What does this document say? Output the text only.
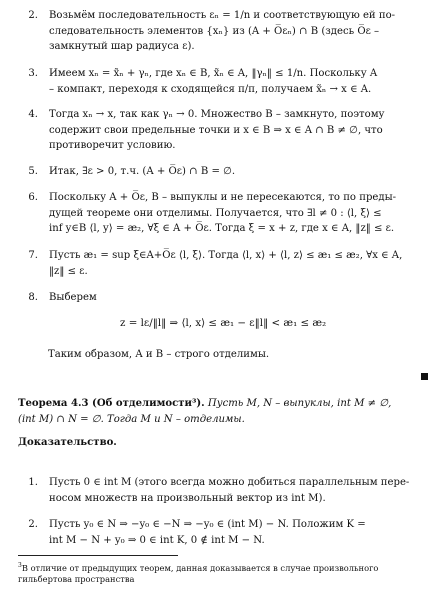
2. Возьмём последовательность εₙ = 1/n и соответствующую ей по-
следовательность элементов {xₙ} из (A + O̅εₙ) ∩ B (здесь O̅ε –
замкнутый шар радиуса ε).
3. Имеем xₙ = x̃ₙ + γₙ, где xₙ ∈ B, x̃ₙ ∈ A, ‖γₙ‖ ≤ 1/n. Поскольку A
– компакт, переходя к сходящейся п/п, получаем x̃ₙ → x ∈ A.
4. Тогда xₙ → x, так как γₙ → 0. Множество B – замкнуто, поэтому
содержит свои предельные точки и x ∈ B ⇒ x ∈ A ∩ B ≠ ∅, что
противоречит условию.
5. Итак, ∃ε > 0, т.ч. (A + O̅ε) ∩ B = ∅.
6. Поскольку A + O̅ε, B – выпуклы и не пересекаются, то по преды-
дущей теореме они отделимы. Получается, что ∃l ≠ 0 : ⟨l, ξ⟩ ≤
inf y∈B ⟨l, y⟩ = æ₂, ∀ξ ∈ A + O̅ε. Тогда ξ = x + z, где x ∈ A, ‖z‖ ≤ ε.
7. Пусть æ₁ = sup ξ∈A+O̅ε ⟨l, ξ⟩. Тогда ⟨l, x⟩ + ⟨l, z⟩ ≤ æ₁ ≤ æ₂, ∀x ∈ A,
‖z‖ ≤ ε.
8. Выберем
z = lε/‖l‖ ⇒ ⟨l, x⟩ ≤ æ₁ − ε‖l‖ < æ₁ ≤ æ₂
Таким образом, A и B – строго отделимы.
Теорема 4.3 (Об отделимости³). Пусть M, N – выпуклы, int M ≠ ∅,
(int M) ∩ N = ∅. Тогда M и N – отделимы.
Доказательство.
1. Пусть 0 ∈ int M (этого всегда можно добиться параллельным пере-
носом множеств на произвольный вектор из int M).
2. Пусть y₀ ∈ N ⇒ −y₀ ∈ −N ⇒ −y₀ ∈ (int M) − N. Положим K =
int M − N + y₀ ⇒ 0 ∈ int K, 0 ∉ int M − N.
$^3$В отличие от предыдущих теорем, данная доказывается в случае произвольного
гильбертова пространства
